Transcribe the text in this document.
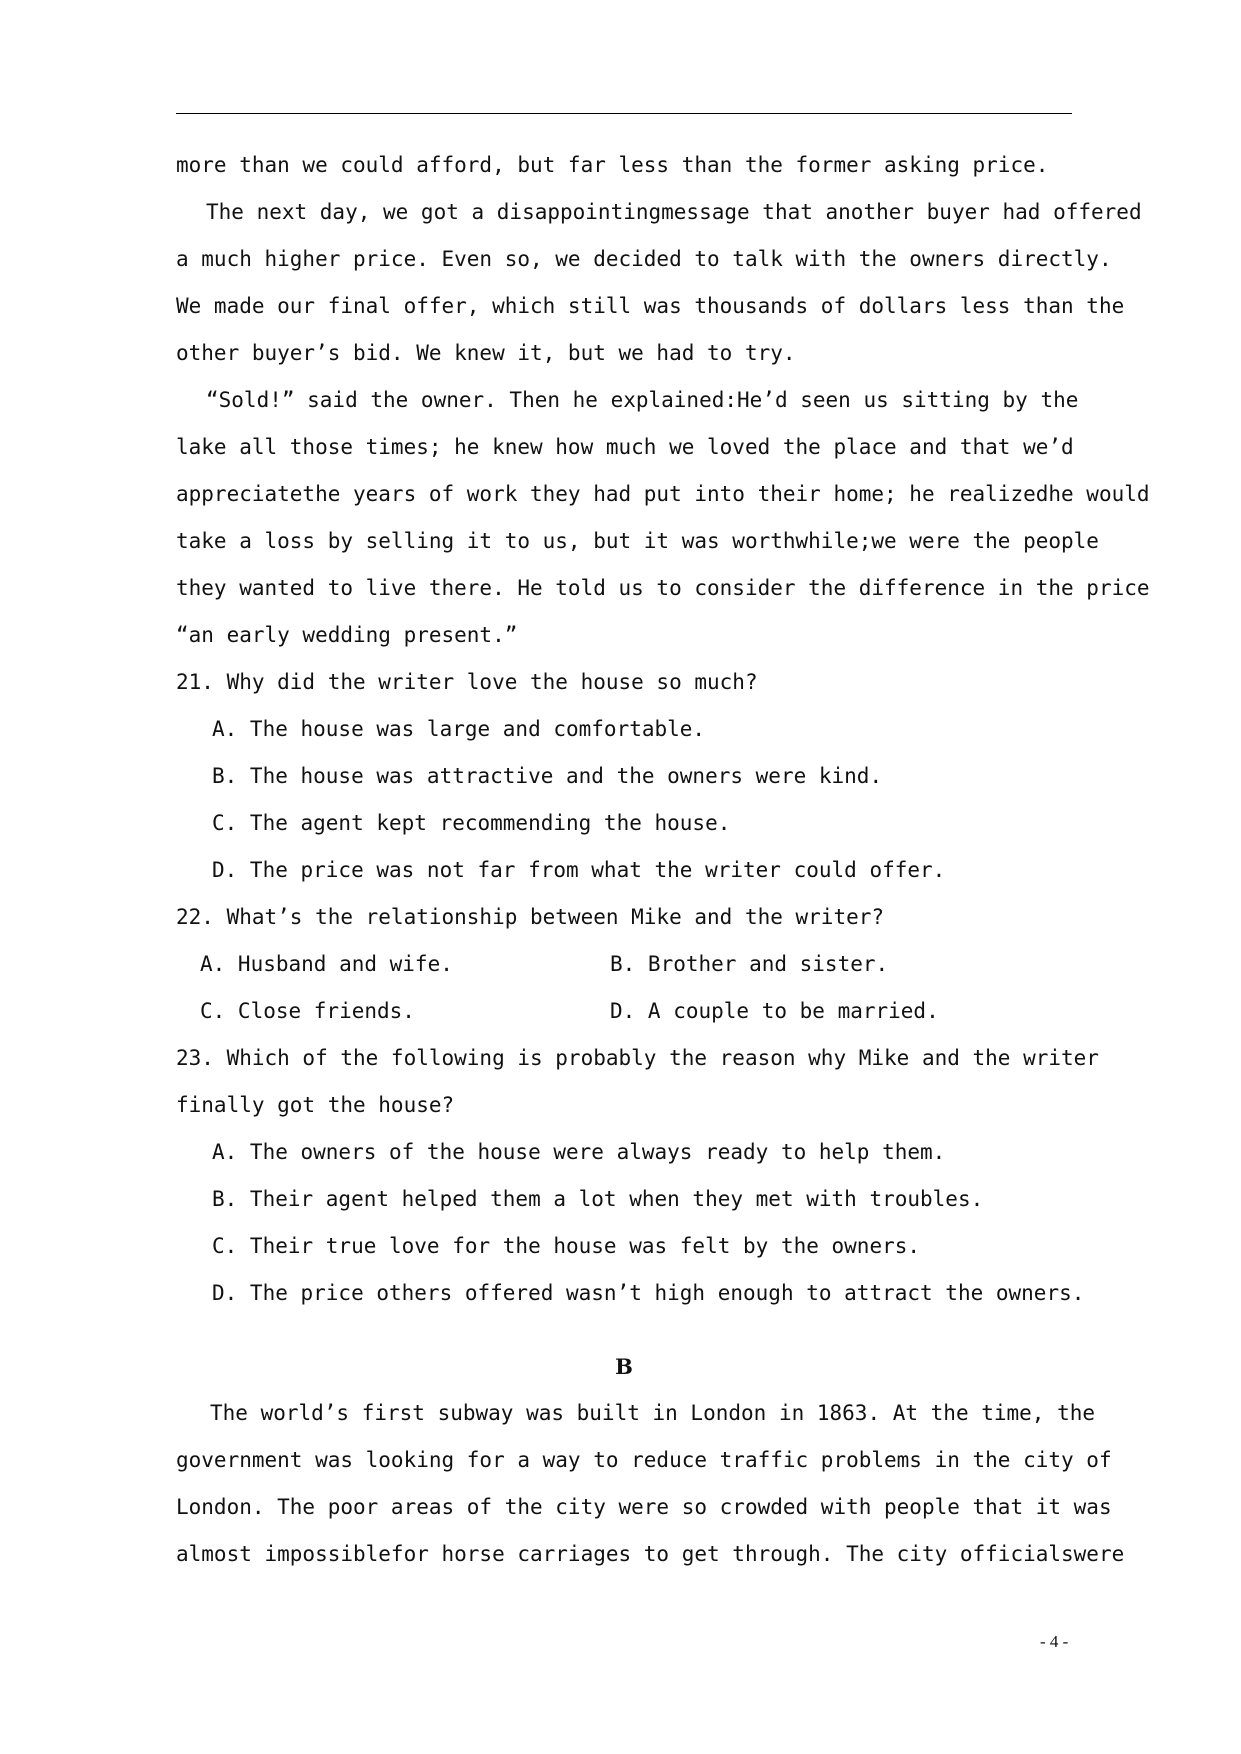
more than we could afford, but far less than the former asking price.
The next day, we got a disappointingmessage that another buyer had offered
a much higher price. Even so, we decided to talk with the owners directly.
We made our final offer, which still was thousands of dollars less than the
other buyer’s bid. We knew it, but we had to try.
“Sold!” said the owner. Then he explained:He’d seen us sitting by the
lake all those times; he knew how much we loved the place and that we’d
appreciatethe years of work they had put into their home; he realizedhe would
take a loss by selling it to us, but it was worthwhile;we were the people
they wanted to live there. He told us to consider the difference in the price
“an early wedding present.”
21. Why did the writer love the house so much?
A. The house was large and comfortable.
B. The house was attractive and the owners were kind.
C. The agent kept recommending the house.
D. The price was not far from what the writer could offer.
22. What’s the relationship between Mike and the writer?
A. Husband and wife.	B. Brother and sister.
C. Close friends.	D. A couple to be married.
23. Which of the following is probably the reason why Mike and the writer
finally got the house?
A. The owners of the house were always ready to help them.
B. Their agent helped them a lot when they met with troubles.
C. Their true love for the house was felt by the owners.
D. The price others offered wasn’t high enough to attract the owners.
B
The world’s first subway was built in London in 1863. At the time, the
government was looking for a way to reduce traffic problems in the city of
London. The poor areas of the city were so crowded with people that it was
almost impossiblefor horse carriages to get through. The city officialswere
- 4 -
